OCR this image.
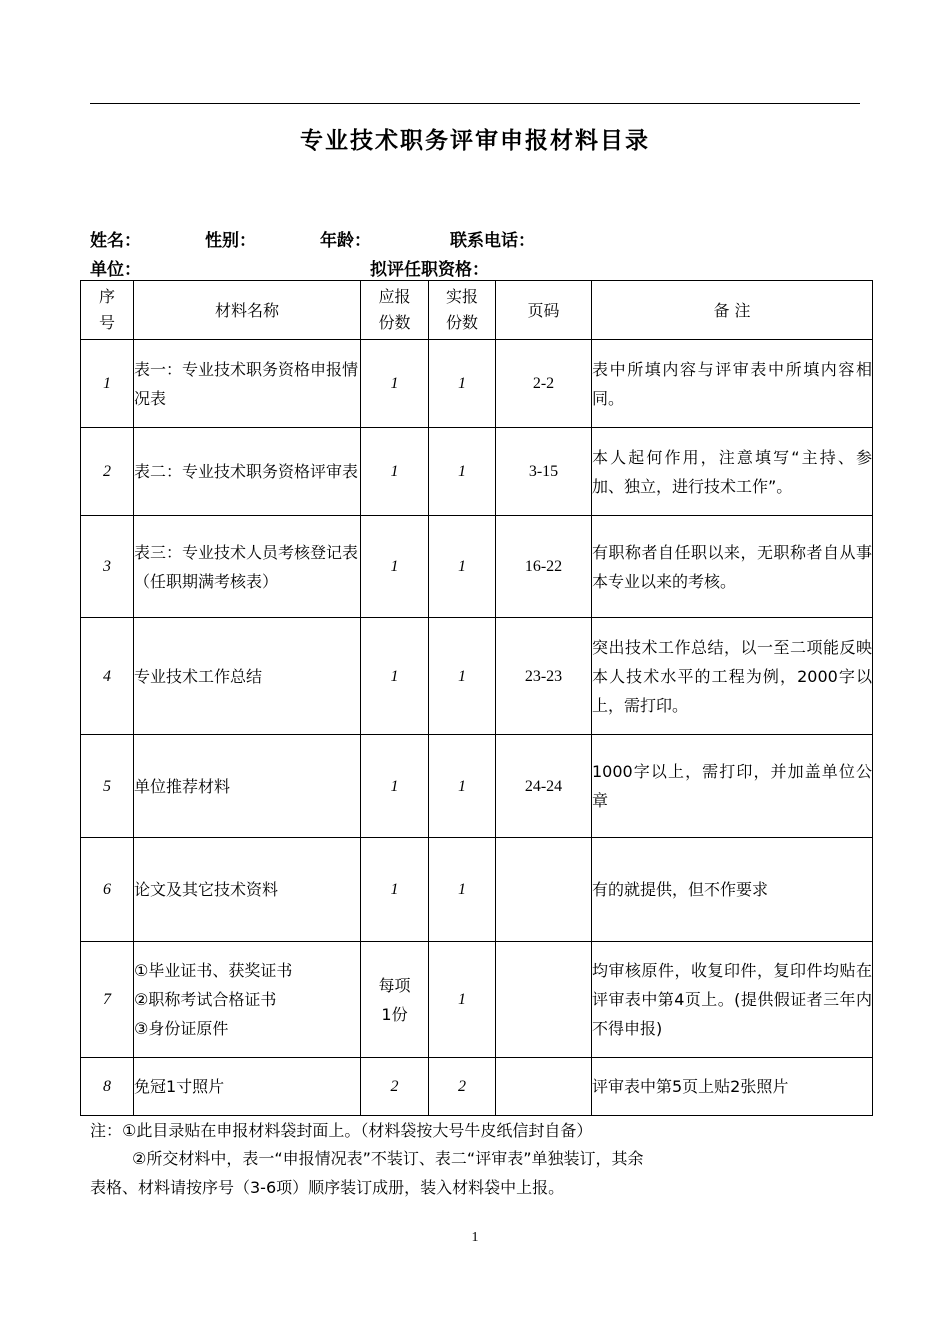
专业技术职务评审申报材料目录
姓名：	性别：	年龄：	联系电话：
单位：	拟评任职资格：
序号	材料名称	应报份数	实报份数	页码	备 注
1	表一：专业技术职务资格申报情况表	1	1	2-2	表中所填内容与评审表中所填内容相同。
2	表二：专业技术职务资格评审表	1	1	3-15	本人起何作用，注意填写“主持、参加、独立，进行技术工作”。
3	表三：专业技术人员考核登记表（任职期满考核表）	1	1	16-22	有职称者自任职以来，无职称者自从事本专业以来的考核。
4	专业技术工作总结	1	1	23-23	突出技术工作总结，以一至二项能反映本人技术水平的工程为例，2000字以上，需打印。
5	单位推荐材料	1	1	24-24	1000字以上，需打印，并加盖单位公章
6	论文及其它技术资料	1	1		有的就提供，但不作要求
7	①毕业证书、获奖证书
②职称考试合格证书
③身份证原件	每项1份	1		均审核原件，收复印件，复印件均贴在评审表中第4页上。(提供假证者三年内不得申报)
8	免冠1寸照片	2	2		评审表中第5页上贴2张照片
注：①此目录贴在申报材料袋封面上。（材料袋按大号牛皮纸信封自备）
②所交材料中，表一“申报情况表”不装订、表二“评审表”单独装订，其余
表格、材料请按序号（3-6项）顺序装订成册，装入材料袋中上报。
1
